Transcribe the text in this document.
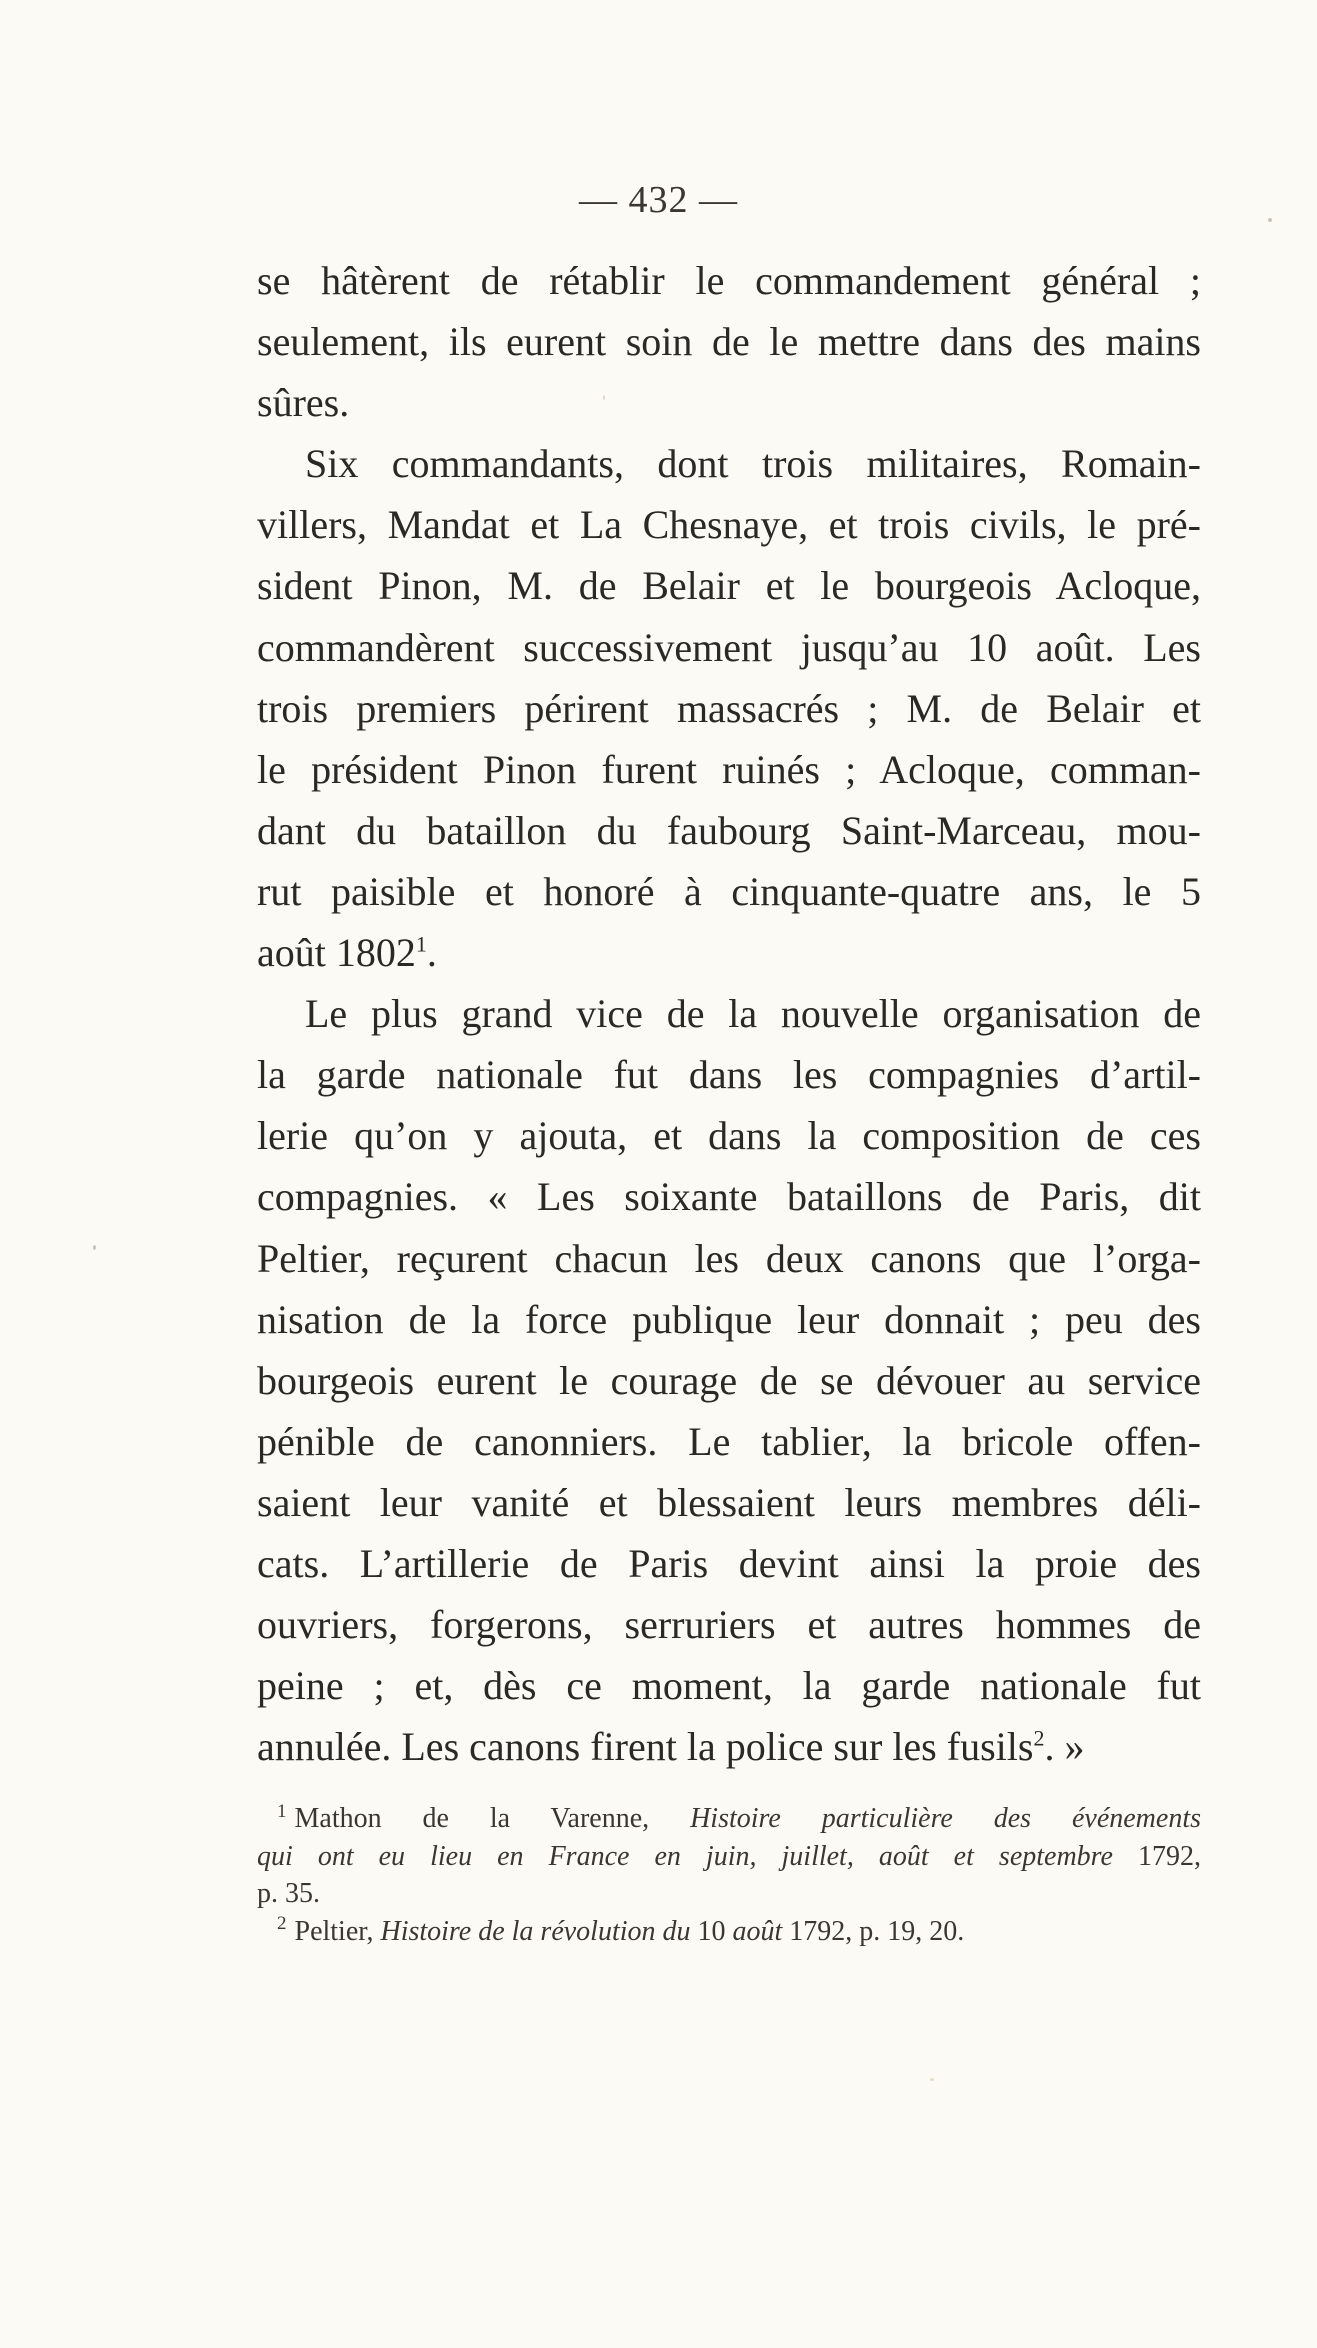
— 432 —
se hâtèrent de rétablir le commandement général ;
seulement, ils eurent soin de le mettre dans des mains
sûres.
Six commandants, dont trois militaires, Romain-
villers, Mandat et La Chesnaye, et trois civils, le pré-
sident Pinon, M. de Belair et le bourgeois Acloque,
commandèrent successivement jusqu’au 10 août. Les
trois premiers périrent massacrés ; M. de Belair et
le président Pinon furent ruinés ; Acloque, comman-
dant du bataillon du faubourg Saint-Marceau, mou-
rut paisible et honoré à cinquante-quatre ans, le 5
août 1802$^1$.
Le plus grand vice de la nouvelle organisation de
la garde nationale fut dans les compagnies d’artil-
lerie qu’on y ajouta, et dans la composition de ces
compagnies. « Les soixante bataillons de Paris, dit
Peltier, reçurent chacun les deux canons que l’orga-
nisation de la force publique leur donnait ; peu des
bourgeois eurent le courage de se dévouer au service
pénible de canonniers. Le tablier, la bricole offen-
saient leur vanité et blessaient leurs membres déli-
cats. L’artillerie de Paris devint ainsi la proie des
ouvriers, forgerons, serruriers et autres hommes de
peine ; et, dès ce moment, la garde nationale fut
annulée. Les canons firent la police sur les fusils$^2$. »
$^1$ Mathon de la Varenne, Histoire particulière des événements
qui ont eu lieu en France en juin, juillet, août et septembre 1792,
p. 35.
$^2$ Peltier, Histoire de la révolution du 10 août 1792, p. 19, 20.
